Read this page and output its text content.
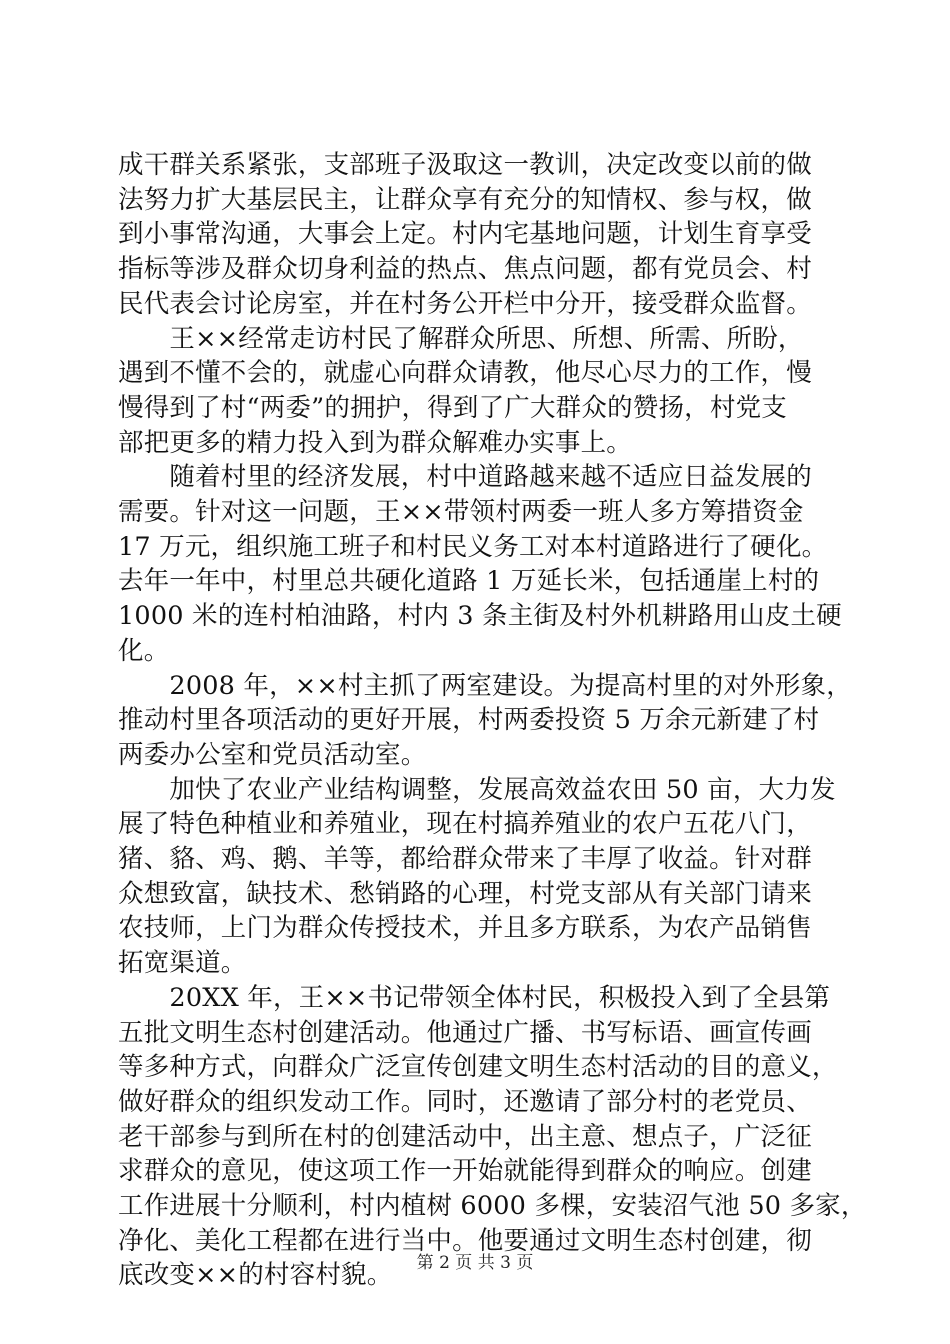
成干群关系紧张，支部班子汲取这一教训，决定改变以前的做
法努力扩大基层民主，让群众享有充分的知情权、参与权，做
到小事常沟通，大事会上定。村内宅基地问题，计划生育享受
指标等涉及群众切身利益的热点、焦点问题，都有党员会、村
民代表会讨论房室，并在村务公开栏中分开，接受群众监督。
　　王××经常走访村民了解群众所思、所想、所需、所盼，
遇到不懂不会的，就虚心向群众请教，他尽心尽力的工作，慢
慢得到了村“两委”的拥护，得到了广大群众的赞扬，村党支
部把更多的精力投入到为群众解难办实事上。
　　随着村里的经济发展，村中道路越来越不适应日益发展的
需要。针对这一问题，王××带领村两委一班人多方筹措资金
17 万元，组织施工班子和村民义务工对本村道路进行了硬化。
去年一年中，村里总共硬化道路 1 万延长米，包括通崖上村的
1000 米的连村柏油路，村内 3 条主街及村外机耕路用山皮土硬
化。
　　2008 年，××村主抓了两室建设。为提高村里的对外形象，
推动村里各项活动的更好开展，村两委投资 5 万余元新建了村
两委办公室和党员活动室。
　　加快了农业产业结构调整，发展高效益农田 50 亩，大力发
展了特色种植业和养殖业，现在村搞养殖业的农户五花八门，
猪、貉、鸡、鹅、羊等，都给群众带来了丰厚了收益。针对群
众想致富，缺技术、愁销路的心理，村党支部从有关部门请来
农技师，上门为群众传授技术，并且多方联系，为农产品销售
拓宽渠道。
　　20XX 年，王××书记带领全体村民，积极投入到了全县第
五批文明生态村创建活动。他通过广播、书写标语、画宣传画
等多种方式，向群众广泛宣传创建文明生态村活动的目的意义，
做好群众的组织发动工作。同时，还邀请了部分村的老党员、
老干部参与到所在村的创建活动中，出主意、想点子，广泛征
求群众的意见，使这项工作一开始就能得到群众的响应。创建
工作进展十分顺利，村内植树 6000 多棵，安装沼气池 50 多家，
净化、美化工程都在进行当中。他要通过文明生态村创建，彻
底改变××的村容村貌。	第 2 页 共 3 页
